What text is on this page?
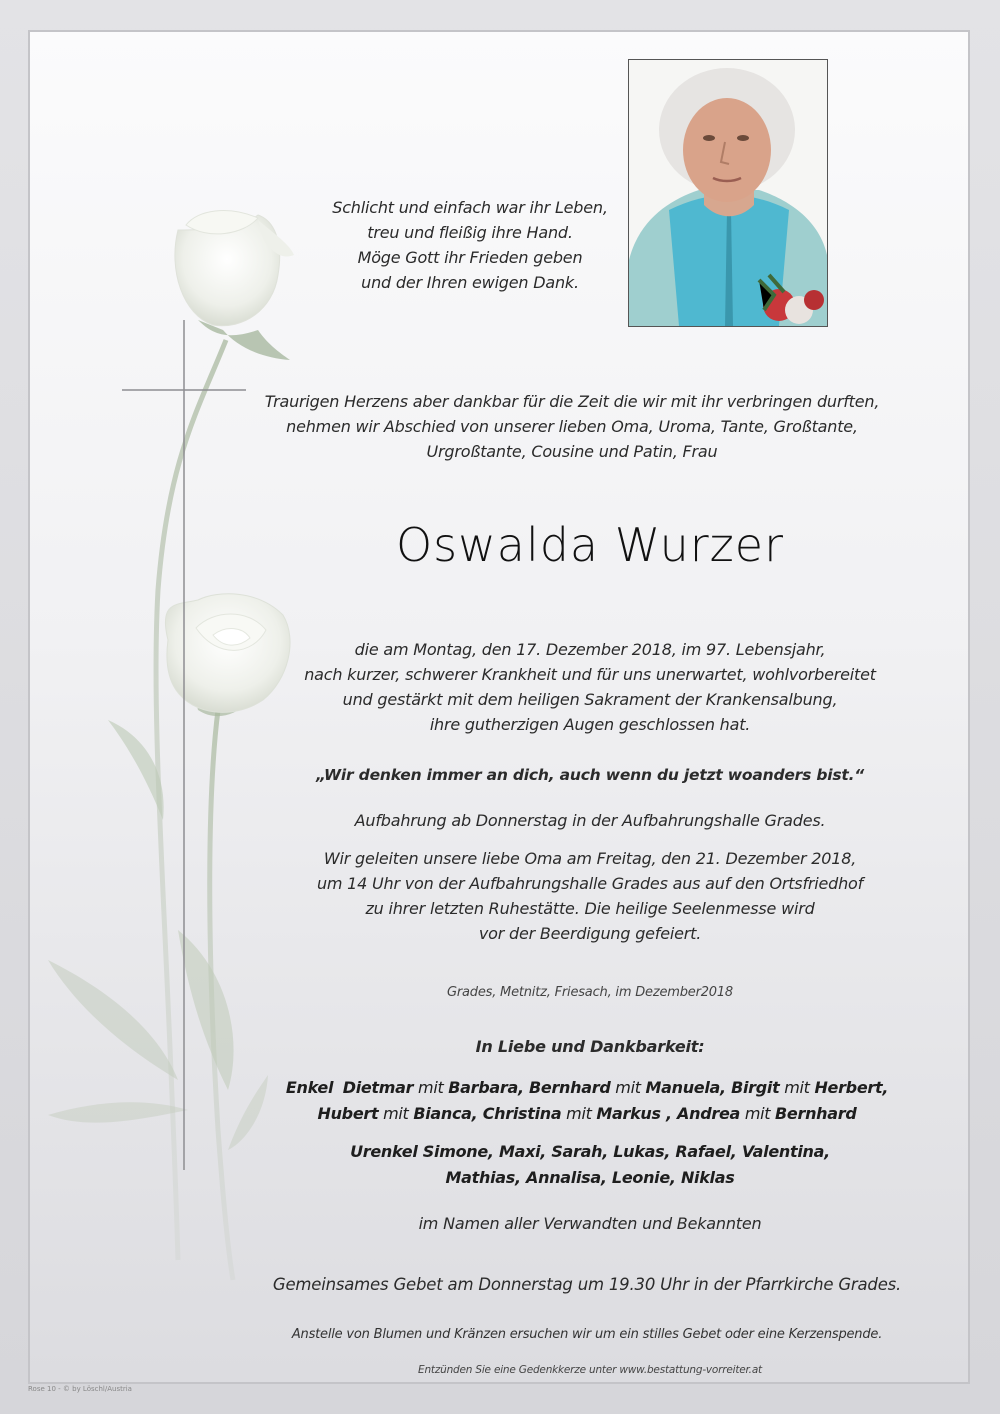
Schlicht und einfach war ihr Leben,
treu und fleißig ihre Hand.
Möge Gott ihr Frieden geben
und der Ihren ewigen Dank.
Traurigen Herzens aber dankbar für die Zeit die wir mit ihr verbringen durften,
nehmen wir Abschied von unserer lieben Oma, Uroma, Tante, Großtante,
Urgroßtante, Cousine und Patin, Frau
Oswalda Wurzer
die am Montag, den 17. Dezember 2018, im 97. Lebensjahr,
nach kurzer, schwerer Krankheit und für uns unerwartet, wohlvorbereitet
und gestärkt mit dem heiligen Sakrament der Krankensalbung,
ihre gutherzigen Augen geschlossen hat.
„Wir denken immer an dich, auch wenn du jetzt woanders bist.“
Aufbahrung ab Donnerstag in der Aufbahrungshalle Grades.
Wir geleiten unsere liebe Oma am Freitag, den 21. Dezember 2018,
um 14 Uhr von der Aufbahrungshalle Grades aus auf den Ortsfriedhof
zu ihrer letzten Ruhestätte. Die heilige Seelenmesse wird
vor der Beerdigung gefeiert.
Grades, Metnitz, Friesach, im Dezember2018
In Liebe und Dankbarkeit:
Enkel Dietmar mit Barbara, Bernhard mit Manuela, Birgit mit Herbert,
Hubert mit Bianca, Christina mit Markus , Andrea mit Bernhard
Urenkel Simone, Maxi, Sarah, Lukas, Rafael, Valentina,
Mathias, Annalisa, Leonie, Niklas
im Namen aller Verwandten und Bekannten
Gemeinsames Gebet am Donnerstag um 19.30 Uhr in der Pfarrkirche Grades.
Anstelle von Blumen und Kränzen ersuchen wir um ein stilles Gebet oder eine Kerzenspende.
Entzünden Sie eine Gedenkkerze unter www.bestattung-vorreiter.at
Rose 10 - © by Löschl/Austria
